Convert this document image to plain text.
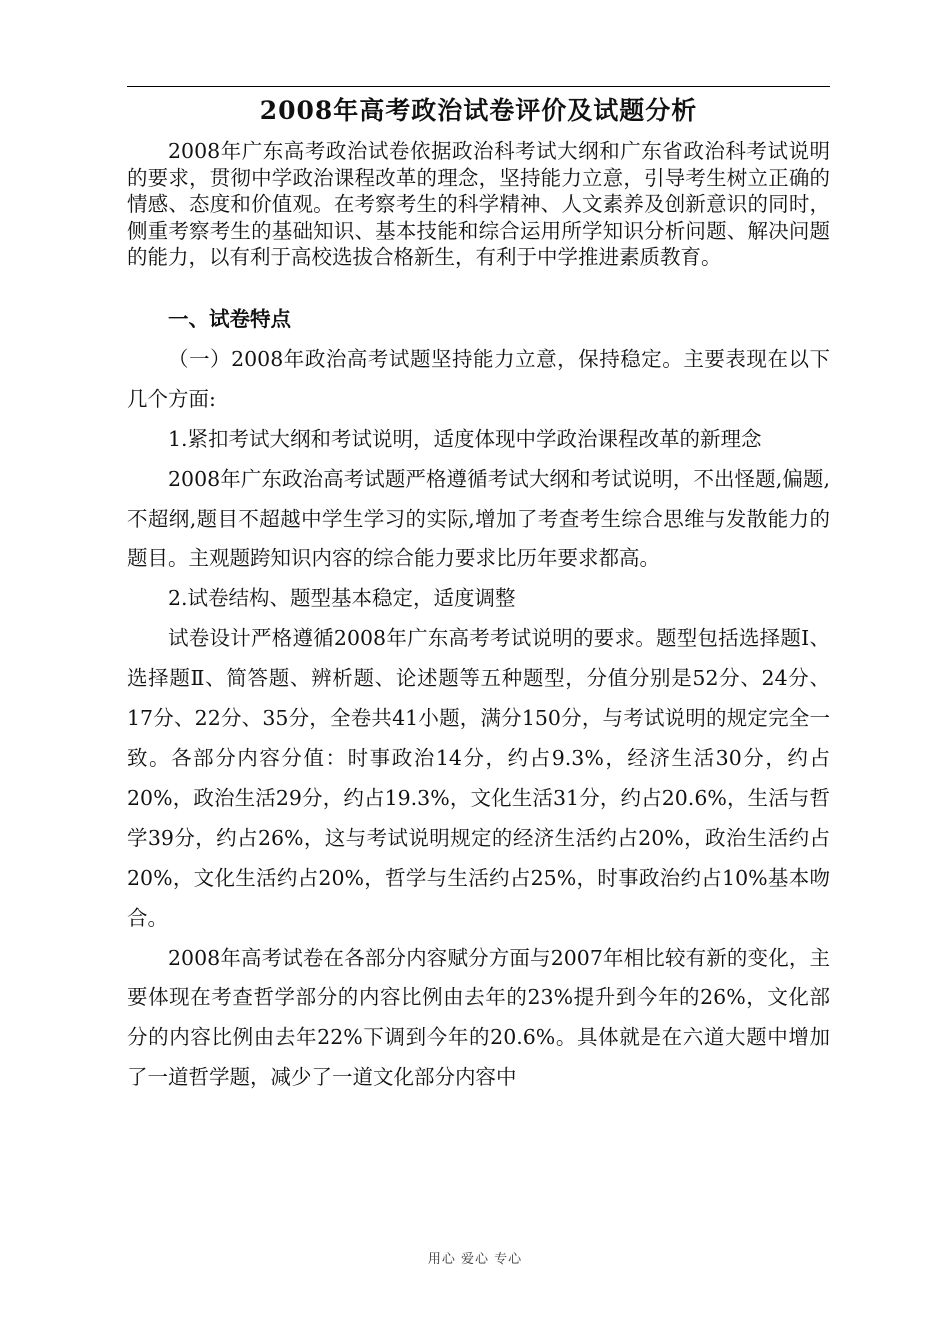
2008年高考政治试卷评价及试题分析
2008年广东高考政治试卷依据政治科考试大纲和广东省政治科考试说明的要求，贯彻中学政治课程改革的理念，坚持能力立意，引导考生树立正确的情感、态度和价值观。在考察考生的科学精神、人文素养及创新意识的同时，侧重考察考生的基础知识、基本技能和综合运用所学知识分析问题、解决问题的能力，以有利于高校选拔合格新生，有利于中学推进素质教育。

一、试卷特点

（一）2008年政治高考试题坚持能力立意，保持稳定。主要表现在以下几个方面:

1.紧扣考试大纲和考试说明，适度体现中学政治课程改革的新理念

2008年广东政治高考试题严格遵循考试大纲和考试说明，不出怪题,偏题,不超纲,题目不超越中学生学习的实际,增加了考查考生综合思维与发散能力的题目。主观题跨知识内容的综合能力要求比历年要求都高。

2.试卷结构、题型基本稳定，适度调整

试卷设计严格遵循2008年广东高考考试说明的要求。题型包括选择题Ⅰ、选择题Ⅱ、简答题、辨析题、论述题等五种题型，分值分别是52分、24分、17分、22分、35分，全卷共41小题，满分150分，与考试说明的规定完全一致。各部分内容分值：时事政治14分，约占9.3%，经济生活30分，约占20%，政治生活29分，约占19.3%，文化生活31分，约占20.6%，生活与哲学39分，约占26%，这与考试说明规定的经济生活约占20%，政治生活约占20%，文化生活约占20%，哲学与生活约占25%，时事政治约占10%基本吻合。

2008年高考试卷在各部分内容赋分方面与2007年相比较有新的变化，主要体现在考查哲学部分的内容比例由去年的23%提升到今年的26%，文化部分的内容比例由去年22%下调到今年的20.6%。具体就是在六道大题中增加了一道哲学题，减少了一道文化部分内容中

用心 爱心 专心
